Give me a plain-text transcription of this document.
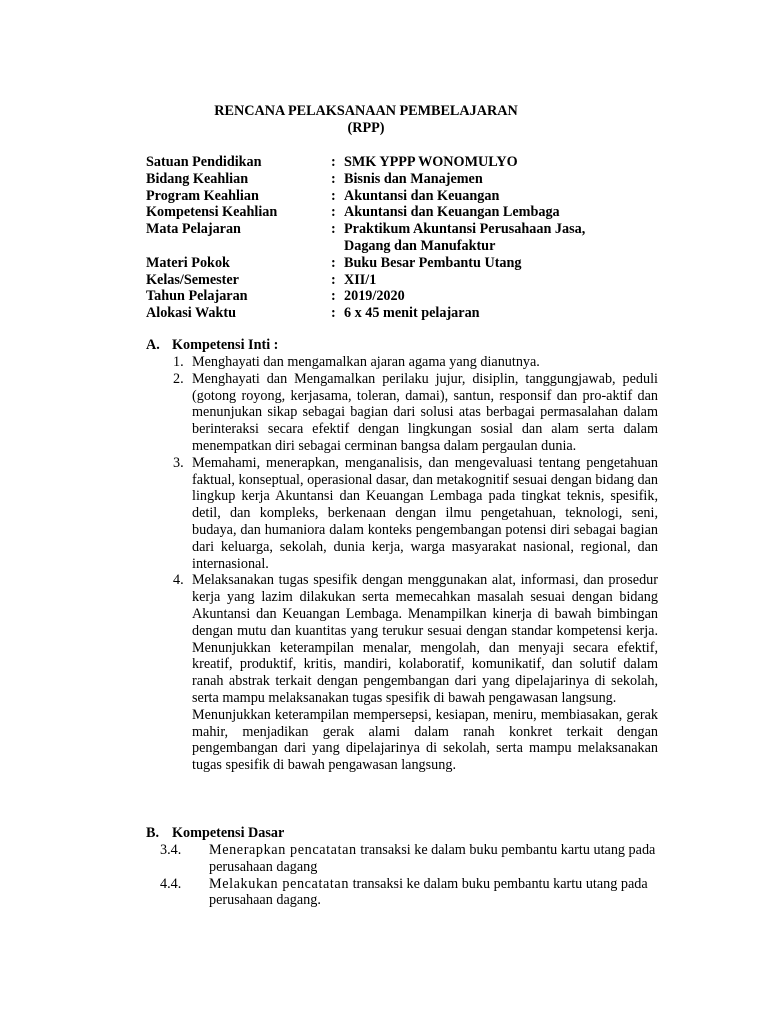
RENCANA PELAKSANAAN PEMBELAJARAN
(RPP)
Satuan Pendidikan	: SMK YPPP WONOMULYO
Bidang Keahlian	: Bisnis dan Manajemen
Program Keahlian	: Akuntansi dan Keuangan
Kompetensi Keahlian	: Akuntansi dan Keuangan Lembaga
Mata Pelajaran	: Praktikum Akuntansi Perusahaan Jasa,
Dagang dan Manufaktur
Materi Pokok	: Buku Besar Pembantu Utang
Kelas/Semester	: XII/1
Tahun Pelajaran	: 2019/2020
Alokasi Waktu	: 6 x 45 menit pelajaran
A. Kompetensi Inti :
1. Menghayati dan mengamalkan ajaran agama yang dianutnya.

2. Menghayati dan Mengamalkan perilaku jujur, disiplin, tanggungjawab, peduli (gotong royong, kerjasama, toleran, damai), santun, responsif dan pro-aktif dan menunjukan sikap sebagai bagian dari solusi atas berbagai permasalahan dalam berinteraksi secara efektif dengan lingkungan sosial dan alam serta dalam menempatkan diri sebagai cerminan bangsa dalam pergaulan dunia.

3. Memahami, menerapkan, menganalisis, dan mengevaluasi tentang pengetahuan faktual, konseptual, operasional dasar, dan metakognitif sesuai dengan bidang dan lingkup kerja Akuntansi dan Keuangan Lembaga pada tingkat teknis, spesifik, detil, dan kompleks, berkenaan dengan ilmu pengetahuan, teknologi, seni, budaya, dan humaniora dalam konteks pengembangan potensi diri sebagai bagian dari keluarga, sekolah, dunia kerja, warga masyarakat nasional, regional, dan internasional.

4. Melaksanakan tugas spesifik dengan menggunakan alat, informasi, dan prosedur kerja yang lazim dilakukan serta memecahkan masalah sesuai dengan bidang Akuntansi dan Keuangan Lembaga. Menampilkan kinerja di bawah bimbingan dengan mutu dan kuantitas yang terukur sesuai dengan standar kompetensi kerja. Menunjukkan keterampilan menalar, mengolah, dan menyaji secara efektif, kreatif, produktif, kritis, mandiri, kolaboratif, komunikatif, dan solutif dalam ranah abstrak terkait dengan pengembangan dari yang dipelajarinya di sekolah, serta mampu melaksanakan tugas spesifik di bawah pengawasan langsung.

Menunjukkan keterampilan mempersepsi, kesiapan, meniru, membiasakan, gerak mahir, menjadikan gerak alami dalam ranah konkret terkait dengan pengembangan dari yang dipelajarinya di sekolah, serta mampu melaksanakan tugas spesifik di bawah pengawasan langsung.

B. Kompetensi Dasar
3.4. Menerapkan pencatatan transaksi ke dalam buku pembantu kartu utang pada perusahaan dagang
4.4. Melakukan pencatatan transaksi ke dalam buku pembantu kartu utang pada perusahaan dagang.
